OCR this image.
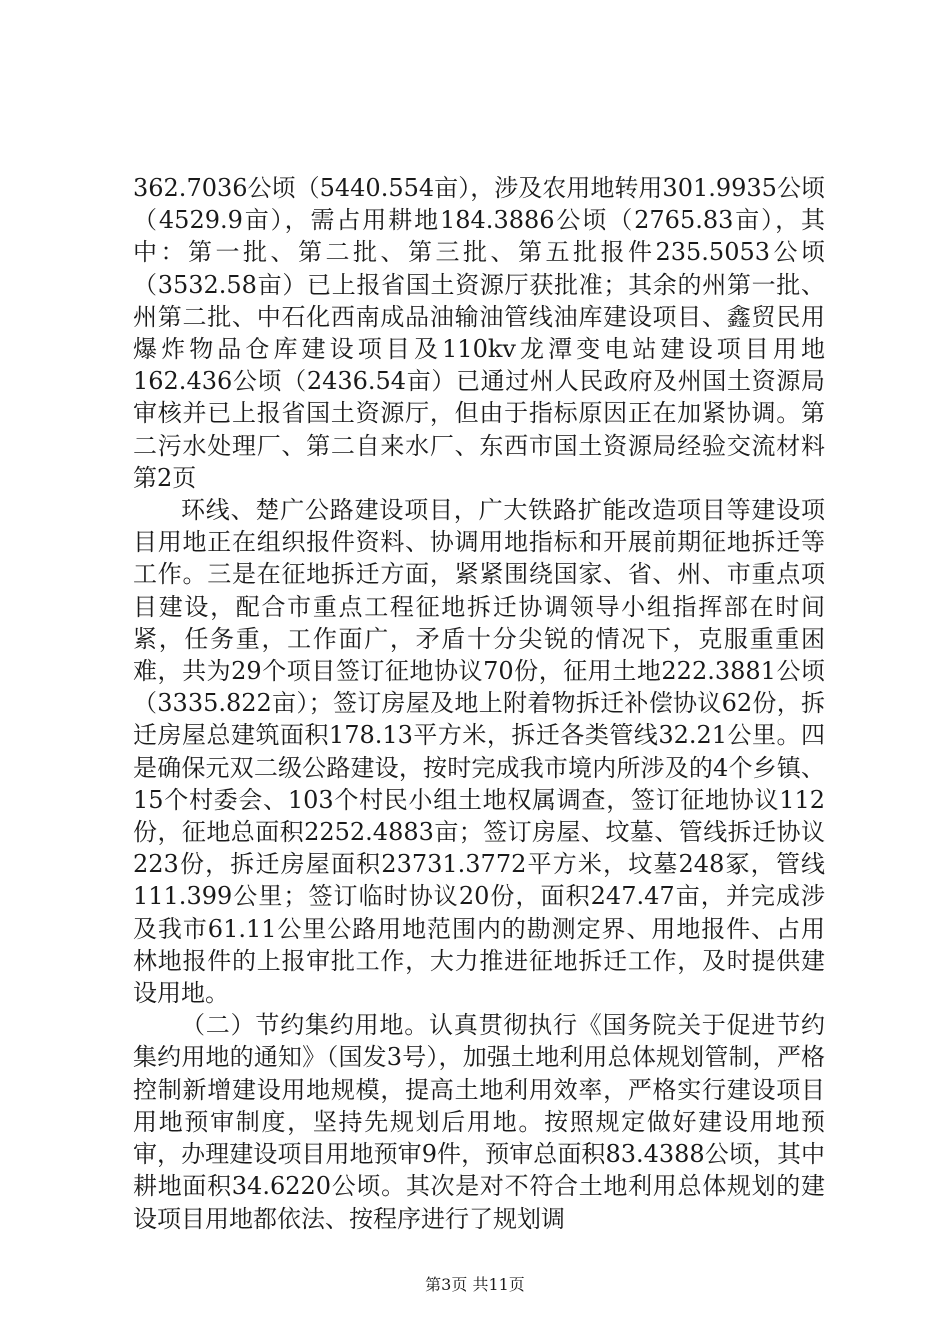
362.7036公顷（5440.554亩），涉及农用地转用301.9935公顷（4529.9亩），需占用耕地184.3886公顷（2765.83亩），其中：第一批、第二批、第三批、第五批报件235.5053公顷（3532.58亩）已上报省国土资源厅获批准；其余的州第一批、州第二批、中石化西南成品油输油管线油库建设项目、鑫贸民用爆炸物品仓库建设项目及110kv龙潭变电站建设项目用地162.436公顷（2436.54亩）已通过州人民政府及州国土资源局审核并已上报省国土资源厅，但由于指标原因正在加紧协调。第二污水处理厂、第二自来水厂、东西市国土资源局经验交流材料第2页

环线、楚广公路建设项目，广大铁路扩能改造项目等建设项目用地正在组织报件资料、协调用地指标和开展前期征地拆迁等工作。三是在征地拆迁方面，紧紧围绕国家、省、州、市重点项目建设，配合市重点工程征地拆迁协调领导小组指挥部在时间紧，任务重，工作面广，矛盾十分尖锐的情况下，克服重重困难，共为29个项目签订征地协议70份，征用土地222.3881公顷（3335.822亩）；签订房屋及地上附着物拆迁补偿协议62份，拆迁房屋总建筑面积178.13平方米，拆迁各类管线32.21公里。四是确保元双二级公路建设，按时完成我市境内所涉及的4个乡镇、15个村委会、103个村民小组土地权属调查，签订征地协议112份，征地总面积2252.4883亩；签订房屋、坟墓、管线拆迁协议223份，拆迁房屋面积23731.3772平方米，坟墓248冢，管线111.399公里；签订临时协议20份，面积247.47亩，并完成涉及我市61.11公里公路用地范围内的勘测定界、用地报件、占用林地报件的上报审批工作，大力推进征地拆迁工作，及时提供建设用地。

（二）节约集约用地。认真贯彻执行《国务院关于促进节约集约用地的通知》（国发3号），加强土地利用总体规划管制，严格控制新增建设用地规模，提高土地利用效率，严格实行建设项目用地预审制度，坚持先规划后用地。按照规定做好建设用地预审，办理建设项目用地预审9件，预审总面积83.4388公顷，其中耕地面积34.6220公顷。其次是对不符合土地利用总体规划的建设项目用地都依法、按程序进行了规划调

第3页 共11页
